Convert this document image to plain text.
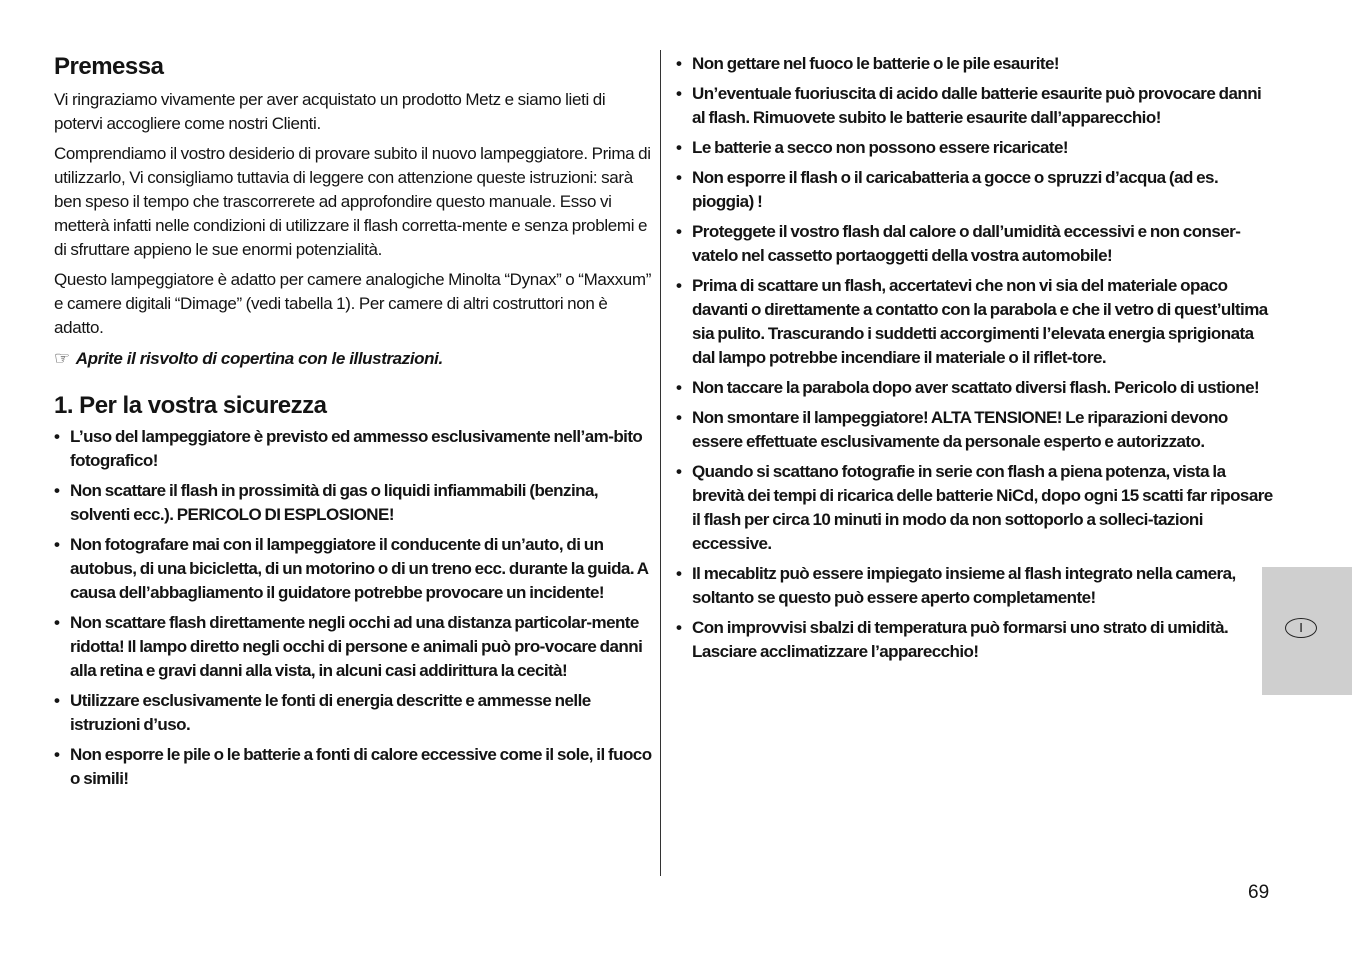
Premessa

Vi ringraziamo vivamente per aver acquistato un prodotto Metz e siamo lieti di potervi accogliere come nostri Clienti.

Comprendiamo il vostro desiderio di provare subito il nuovo lampeggiatore. Prima di utilizzarlo, Vi consigliamo tuttavia di leggere con attenzione queste istruzioni: sarà ben speso il tempo che trascorrerete ad approfondire questo manuale. Esso vi metterà infatti nelle condizioni di utilizzare il flash corretta-mente e senza problemi e di sfruttare appieno le sue enormi potenzialità.

Questo lampeggiatore è adatto per camere analogiche Minolta “Dynax” o “Maxxum” e camere digitali “Dimage” (vedi tabella 1). Per camere di altri costruttori non è adatto.

☞ Aprite il risvolto di copertina con le illustrazioni.

1. Per la vostra sicurezza
• L’uso del lampeggiatore è previsto ed ammesso esclusivamente nell’am-bito fotografico!
• Non scattare il flash in prossimità di gas o liquidi infiammabili (benzina, solventi ecc.). PERICOLO DI ESPLOSIONE!
• Non fotografare mai con il lampeggiatore il conducente di un’auto, di un autobus, di una bicicletta, di un motorino o di un treno ecc. durante la guida. A causa dell’abbagliamento il guidatore potrebbe provocare un incidente!
• Non scattare flash direttamente negli occhi ad una distanza particolar-mente ridotta! Il lampo diretto negli occhi di persone e animali può pro-vocare danni alla retina e gravi danni alla vista, in alcuni casi addirittura la cecità!
• Utilizzare esclusivamente le fonti di energia descritte e ammesse nelle istruzioni d’uso.
• Non esporre le pile o le batterie a fonti di calore eccessive come il sole, il fuoco o simili!
• Non gettare nel fuoco le batterie o le pile esaurite!
• Un’eventuale fuoriuscita di acido dalle batterie esaurite può provocare danni al flash. Rimuovete subito le batterie esaurite dall’apparecchio!
• Le batterie a secco non possono essere ricaricate!
• Non esporre il flash o il caricabatteria a gocce o spruzzi d’acqua (ad es. pioggia) !
• Proteggete il vostro flash dal calore o dall’umidità eccessivi e non conser-vatelo nel cassetto portaoggetti della vostra automobile!
• Prima di scattare un flash, accertatevi che non vi sia del materiale opaco davanti o direttamente a contatto con la parabola e che il vetro di quest’ultima sia pulito. Trascurando i suddetti accorgimenti l’elevata energia sprigionata dal lampo potrebbe incendiare il materiale o il riflet-tore.
• Non taccare la parabola dopo aver scattato diversi flash. Pericolo di ustione!
• Non smontare il lampeggiatore! ALTA TENSIONE! Le riparazioni devono essere effettuate esclusivamente da personale esperto e autorizzato.
• Quando si scattano fotografie in serie con flash a piena potenza, vista la brevità dei tempi di ricarica delle batterie NiCd, dopo ogni 15 scatti far riposare il flash per circa 10 minuti in modo da non sottoporlo a solleci-tazioni eccessive.
• Il mecablitz può essere impiegato insieme al flash integrato nella camera, soltanto se questo può essere aperto completamente!
• Con improvvisi sbalzi di temperatura può formarsi uno strato di umidità. Lasciare acclimatizzare l’apparecchio!
I
69
